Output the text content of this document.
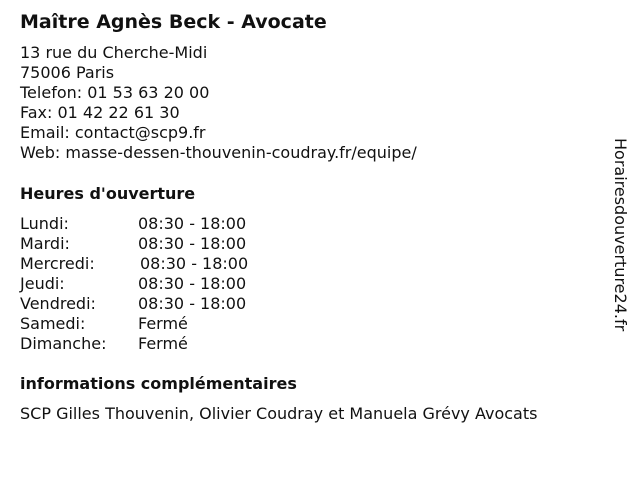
Maître Agnès Beck - Avocate
13 rue du Cherche-Midi
75006 Paris
Telefon: 01 53 63 20 00
Fax: 01 42 22 61 30
Email: contact@scp9.fr
Web: masse-dessen-thouvenin-coudray.fr/equipe/
Heures d'ouverture
Lundi:	08:30 - 18:00
Mardi:	08:30 - 18:00
Mercredi:	08:30 - 18:00
Jeudi:	08:30 - 18:00
Vendredi:	08:30 - 18:00
Samedi:	Fermé
Dimanche: Fermé
informations complémentaires
SCP Gilles Thouvenin, Olivier Coudray et Manuela Grévy Avocats
Horairesdouverture24.fr
